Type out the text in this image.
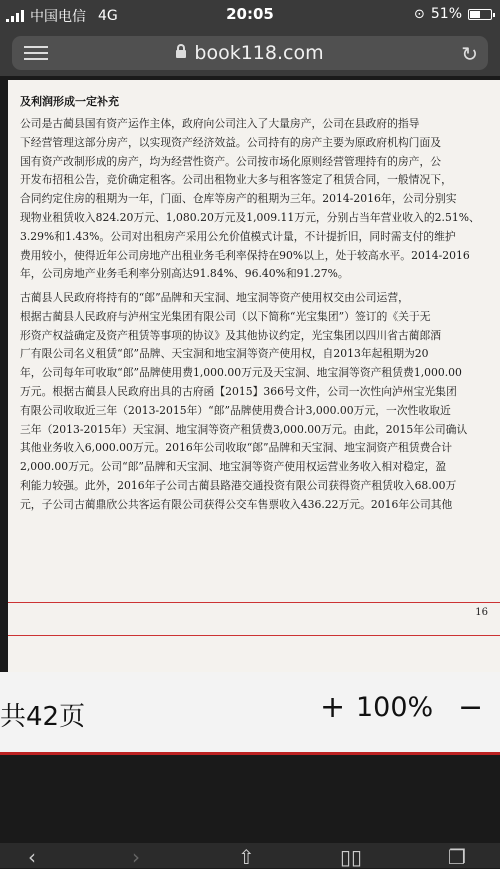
中国电信 4G	20:05	⊙ 51%
book118.com	↻
及利润形成一定补充

公司是古蔺县国有资产运作主体，政府向公司注入了大量房产，公司在县政府的指导

下经营管理这部分房产，以实现资产经济效益。公司持有的房产主要为原政府机构门面及

国有资产改制形成的房产，均为经营性资产。公司按市场化原则经营管理持有的房产，公

开发布招租公告，竞价确定租客。公司出租物业大多与租客签定了租赁合同，一般情况下，

合同约定住房的租期为一年，门面、仓库等房产的租期为三年。2014-2016年，公司分别实

现物业租赁收入824.20万元、1,080.20万元及1,009.11万元，分别占当年营业收入的2.51%、

3.29%和1.43%。公司对出租房产采用公允价值模式计量，不计提折旧，同时需支付的维护

费用较小，使得近年公司房地产出租业务毛利率保持在90%以上，处于较高水平。2014-2016

年，公司房地产业务毛利率分别高达91.84%、96.40%和91.27%。

古蔺县人民政府将持有的“郎”品牌和天宝洞、地宝洞等资产使用权交由公司运营，

根据古蔺县人民政府与泸州宝光集团有限公司（以下简称“光宝集团”）签订的《关于无

形资产权益确定及资产租赁等事项的协议》及其他协议约定，光宝集团以四川省古蔺郎酒

厂有限公司名义租赁“郎”品牌、天宝洞和地宝洞等资产使用权，自2013年起租期为20

年，公司每年可收取“郎”品牌使用费1,000.00万元及天宝洞、地宝洞等资产租赁费1,000.00

万元。根据古蔺县人民政府出具的古府函【2015】366号文件，公司一次性向泸州宝光集团

有限公司收取近三年（2013-2015年）“郎”品牌使用费合计3,000.00万元，一次性收取近

三年（2013-2015年）天宝洞、地宝洞等资产租赁费3,000.00万元。由此，2015年公司确认

其他业务收入6,000.00万元。2016年公司收取“郎”品牌和天宝洞、地宝洞资产租赁费合计

2,000.00万元。公司“郎”品牌和天宝洞、地宝洞等资产使用权运营业务收入相对稳定，盈

利能力较强。此外，2016年子公司古蔺县路港交通投资有限公司获得资产租赁收入68.00万

元，子公司古蔺鼎欣公共客运有限公司获得公交车售票收入436.22万元。2016年公司其他

16
共42页	+ 100% −
‹	›	⇧	▯▯	❐
